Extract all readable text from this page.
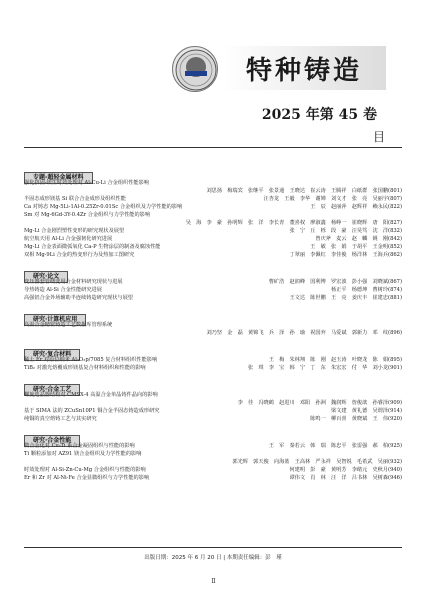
特种铸造
2025 年第 45 卷
目
专题-超轻金属材料
强化挤固-镁生时效处理对 Al-Cu-Li 合金组织性能影响
刘思扬　梅瑞宾　张继平　张景通　王晓达　崔云涛　王腾祥　白纸群　张国鹏(801)
半固态成形镁基 Si 联合合金成形及组织性能	汪杏龙　王毅　李华　谢婵　刘文才　张　亮　吴丽宇(807)
Ca 对铸态 Mg-5Li-1Al-0.25Zr-0.01Sc 合金组织及力学性能的影响	王　辰　赵丽萍　赵辉祥　赖永民(822)
Sm 对 Mg-6Gd-3Y-0.4Zr 合金组织与力学性能的影响
吴　海　李　豪　孙明辉　张　洋　李长青　董喜权　廖淑鑫　杨峥一　崔晓辉　唐　阳(827)
Mg-Li 合金剧烈塑性变形的研究现状及展望	张　宁　丘　栎　段　豪　汪昊笃　沈　洋(832)
航空航天用 Al-Li 合金强韧化研究进展	曾庆斧　麦云　赵　麟　姚　刚(842)
Mg-Li 合金表面微弧氧化 Ca-P 生物涂层的制备及腐蚀性能	王　敏　张　娟　于胡平　王金明(852)
双相 Mg-9Li 合金的热变形行为及热加工图研究	丁翠丽　李佩红　李佳俊　杨洋林　王海兵(862)
研究·论文
变压器套管绕变用合金材料研究现状与进展	曹矿浩　赵润峰　国利博　罗宏波　彭小强　刘晓斌(867)
导热铸造 Al-Si 合金性能研究进展	杨正平　杨德坤　曹树玲(874)
高强铝合金外场辅助半连续铸造研究现状与展望	王文达　陈世鹏　王　亮　姜庆丰　崔建忠(881)
研究·计算机应用
高温合金精密铸造工艺数据库管理系统
刘乃坚　金　磊　黄锦飞　兵　泽　孙　瑜　祝国弃　马爱斌　郭新力　邓　纹(896)
研究·复合材料
稀土 Er 对原位纳米 Al₃O₃p/7085 复合材料组织性能影响	王　梅　朱林翔　陈　刚　赵玉涛　叶晓龙　陈　娟(895)
TiB₂ 对激光熔覆成形镁基复合材料组织和性能的影响	张　琪　李　宝　韩　宁　丁　东　朱宏宏　付　华　刘小龙(901)
研究·合金工艺
螺旋选晶器结构对 CMSX-4 高温合金单晶铸件晶向的影响
李　佳　冯晓鹤　赵进川　邓阳　孙洲　魏润辉　詹俊歆　孙睿泽(909)
基于 SIMA 法的 ZCuSn10P1 铜合金半固态铸造成形研究	梁文建　黄礼德　吴谓泽(914)
纯铜的真空熔铸工艺与其实研究	陈鸣一　柳百喜　黄晓斌　王　伟(920)
研究·合金性能
微合金化对 Cu-Ti 系合金凝固组织与性能的影响	王　军　秦若云　韩　瑞　陈忠平　张雷强　郝　柏(925)
Ti 颗粒添加对 AZ91 镁合金组织及力学性能的影响
郭光辉　郭天俊　向海蓝　王高林　严永祥　吴智锐　毛希武　吴丽(932)
时效处理对 Al-Si-Zn-Cu-Mg 合金组织与性能的影响	何建明　彭　豪　黄明芳　李绪元　史秋月(940)
Er 和 Zr 对 Al-Ni-Fe 合金显微组织与力学性能的影响	谭伟文　肖　林　汪　洋　吕书林　吴树森(946)
出版日期：2025 年 6 月 20 日 | 本期责任编辑：彭　瑾
Ⅱ
